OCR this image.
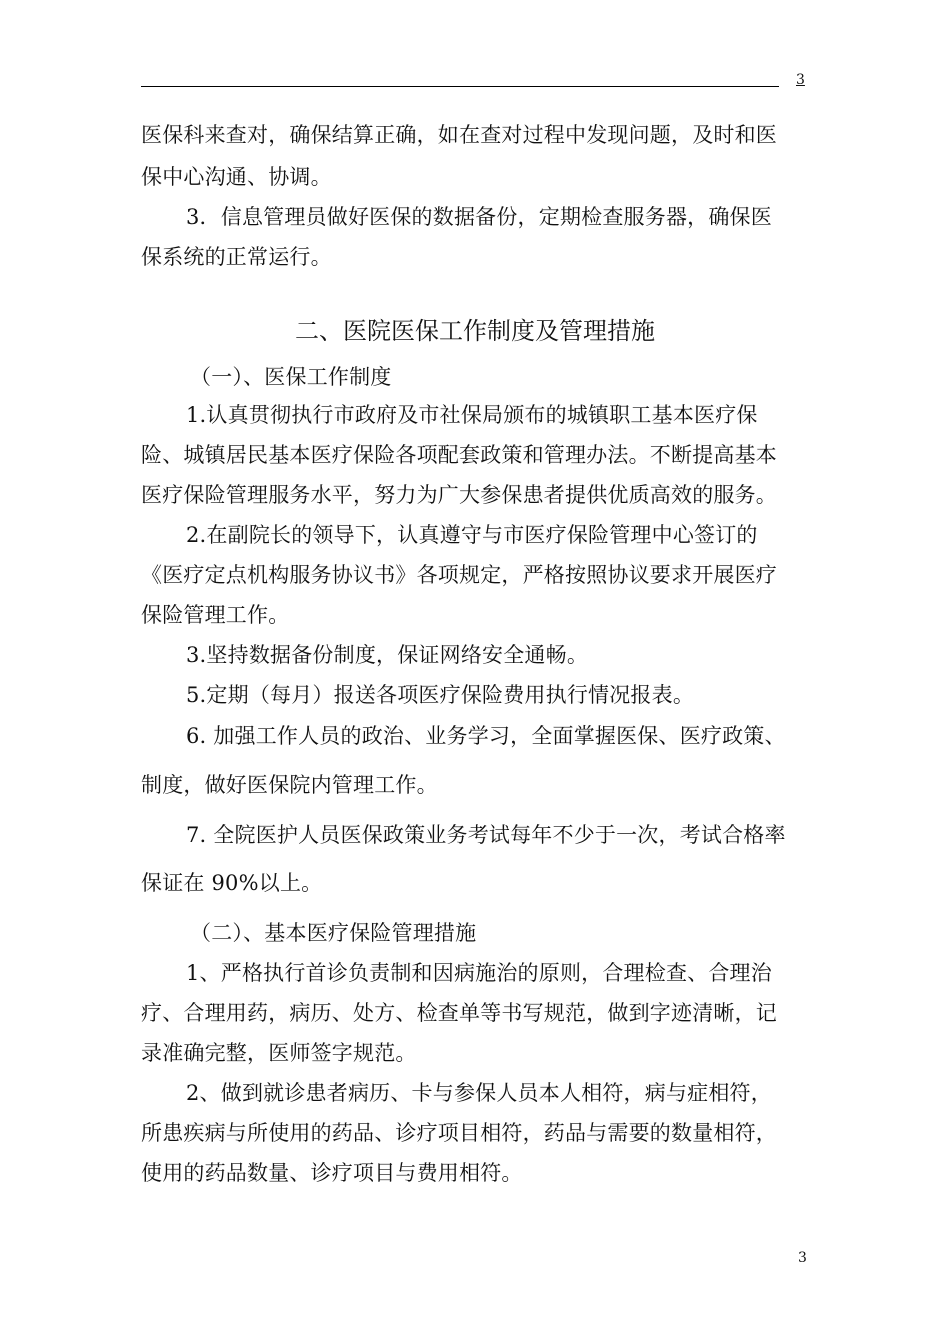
3
医保科来查对，确保结算正确，如在查对过程中发现问题，及时和医
保中心沟通、协调。
3．信息管理员做好医保的数据备份，定期检查服务器，确保医
保系统的正常运行。
二、医院医保工作制度及管理措施
（一）、医保工作制度
1.认真贯彻执行市政府及市社保局颁布的城镇职工基本医疗保
险、城镇居民基本医疗保险各项配套政策和管理办法。不断提高基本
医疗保险管理服务水平，努力为广大参保患者提供优质高效的服务。
2.在副院长的领导下，认真遵守与市医疗保险管理中心签订的
《医疗定点机构服务协议书》各项规定，严格按照协议要求开展医疗
保险管理工作。
3.坚持数据备份制度，保证网络安全通畅。
5.定期（每月）报送各项医疗保险费用执行情况报表。
6. 加强工作人员的政治、业务学习，全面掌握医保、医疗政策、
制度，做好医保院内管理工作。
7. 全院医护人员医保政策业务考试每年不少于一次，考试合格率
保证在 90%以上。
（二）、基本医疗保险管理措施
1、严格执行首诊负责制和因病施治的原则，合理检查、合理治
疗、合理用药，病历、处方、检查单等书写规范，做到字迹清晰，记
录准确完整，医师签字规范。
2、做到就诊患者病历、卡与参保人员本人相符，病与症相符，
所患疾病与所使用的药品、诊疗项目相符，药品与需要的数量相符，
使用的药品数量、诊疗项目与费用相符。
3
